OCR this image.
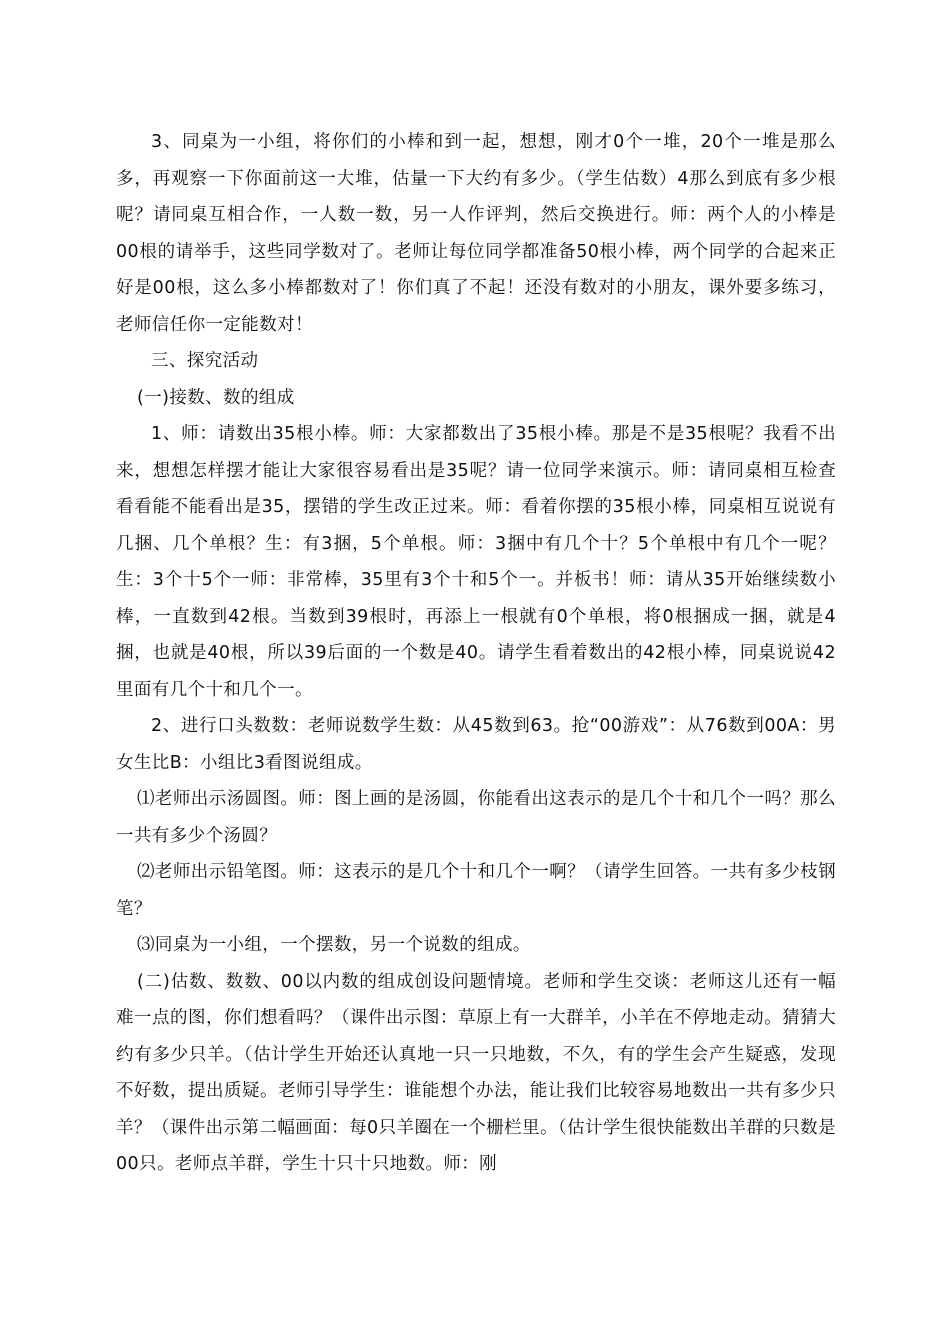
3、同桌为一小组，将你们的小棒和到一起，想想，刚才0个一堆，20个一堆是那么多，再观察一下你面前这一大堆，估量一下大约有多少。（学生估数）4那么到底有多少根呢？请同桌互相合作，一人数一数，另一人作评判，然后交换进行。师：两个人的小棒是00根的请举手，这些同学数对了。老师让每位同学都准备50根小棒，两个同学的合起来正好是00根，这么多小棒都数对了！你们真了不起！还没有数对的小朋友，课外要多练习，老师信任你一定能数对！

三、探究活动

(一)接数、数的组成

1、师：请数出35根小棒。师：大家都数出了35根小棒。那是不是35根呢？我看不出来，想想怎样摆才能让大家很容易看出是35呢？请一位同学来演示。师：请同桌相互检查看看能不能看出是35，摆错的学生改正过来。师：看着你摆的35根小棒，同桌相互说说有几捆、几个单根？生：有3捆，5个单根。师：3捆中有几个十？5个单根中有几个一呢？生：3个十5个一师：非常棒，35里有3个十和5个一。并板书！师：请从35开始继续数小棒，一直数到42根。当数到39根时，再添上一根就有0个单根，将0根捆成一捆，就是4捆，也就是40根，所以39后面的一个数是40。请学生看着数出的42根小棒，同桌说说42里面有几个十和几个一。

2、进行口头数数：老师说数学生数：从45数到63。抢“00游戏”：从76数到00A：男女生比B：小组比3看图说组成。

⑴老师出示汤圆图。师：图上画的是汤圆，你能看出这表示的是几个十和几个一吗？那么一共有多少个汤圆？

⑵老师出示铅笔图。师：这表示的是几个十和几个一啊？（请学生回答。一共有多少枝钢笔？

⑶同桌为一小组，一个摆数，另一个说数的组成。

(二)估数、数数、00以内数的组成创设问题情境。老师和学生交谈：老师这儿还有一幅难一点的图，你们想看吗？（课件出示图：草原上有一大群羊，小羊在不停地走动。猜猜大约有多少只羊。（估计学生开始还认真地一只一只地数，不久，有的学生会产生疑惑，发现不好数，提出质疑。老师引导学生：谁能想个办法，能让我们比较容易地数出一共有多少只羊？（课件出示第二幅画面：每0只羊圈在一个栅栏里。（估计学生很快能数出羊群的只数是00只。老师点羊群，学生十只十只地数。师：刚
